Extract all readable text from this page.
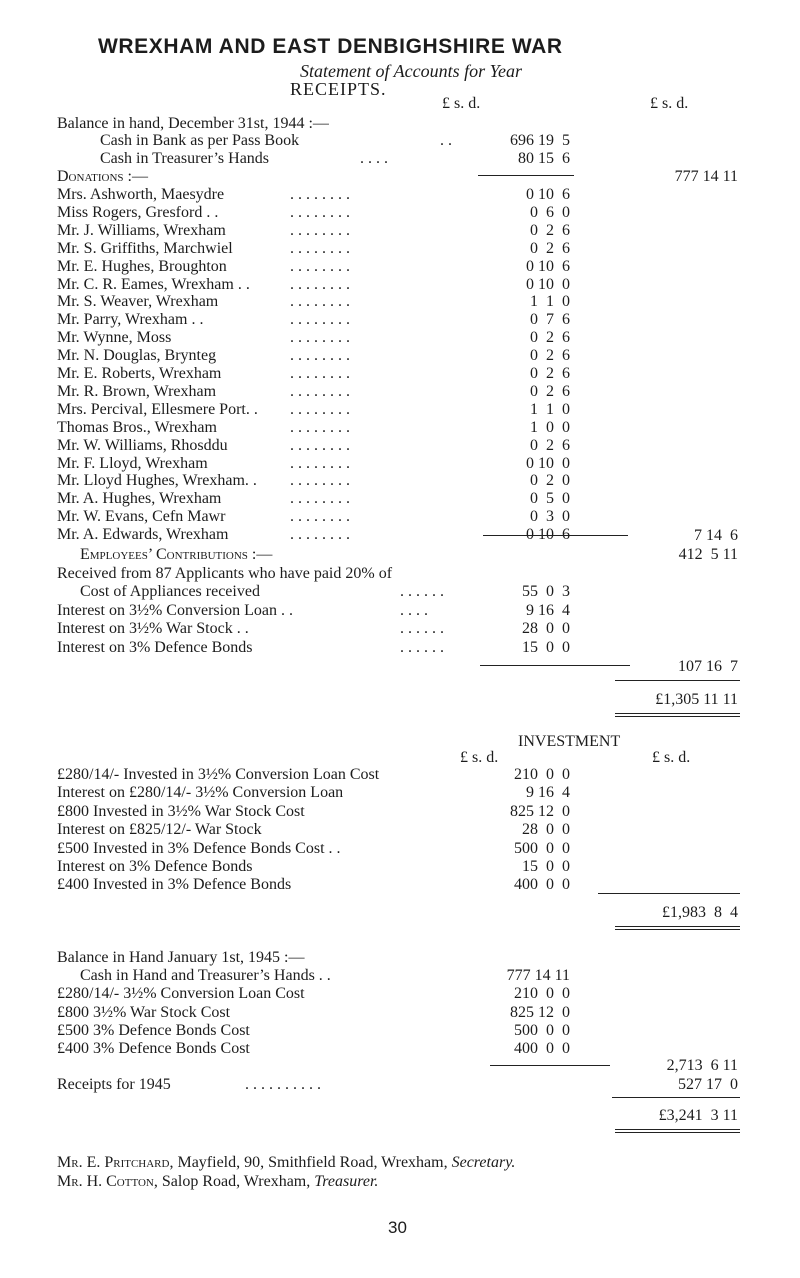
WREXHAM AND EAST DENBIGHSHIRE WAR
Statement of Accounts for Year
RECEIPTS.
£ s. d.	£ s. d.
Balance in hand, December 31st, 1944 :—
Cash in Bank as per Pass Book	. .	696 19  5
Cash in Treasurer’s Hands	. . . .	80 15  6
Donations :—	777 14 11
Mrs. Ashworth, Maesydre	. . . . . . . .	0 10  6
Miss Rogers, Gresford . .	. . . . . . . .	0  6  0
Mr. J. Williams, Wrexham	. . . . . . . .	0  2  6
Mr. S. Griffiths, Marchwiel	. . . . . . . .	0  2  6
Mr. E. Hughes, Broughton	. . . . . . . .	0 10  6
Mr. C. R. Eames, Wrexham . .	. . . . . . . .	0 10  0
Mr. S. Weaver, Wrexham	. . . . . . . .	1  1  0
Mr. Parry, Wrexham . .	. . . . . . . .	0  7  6
Mr. Wynne, Moss	. . . . . . . .	0  2  6
Mr. N. Douglas, Brynteg	. . . . . . . .	0  2  6
Mr. E. Roberts, Wrexham	. . . . . . . .	0  2  6
Mr. R. Brown, Wrexham	. . . . . . . .	0  2  6
Mrs. Percival, Ellesmere Port. . . . . . . . . .	1  1  0
Thomas Bros., Wrexham	. . . . . . . .	1  0  0
Mr. W. Williams, Rhosddu	. . . . . . . .	0  2  6
Mr. F. Lloyd, Wrexham	. . . . . . . .	0 10  0
Mr. Lloyd Hughes, Wrexham. . . . . . . . . .	0  2  0
Mr. A. Hughes, Wrexham	. . . . . . . .	0  5  0
Mr. W. Evans, Cefn Mawr	. . . . . . . .	0  3  0
Mr. A. Edwards, Wrexham	. . . . . . . .	0 10  6	7 14  6
Employees’ Contributions :—	412  5 11
Received from 87 Applicants who have paid 20% of
Cost of Appliances received	. . . . . .	55  0  3
Interest on 3½% Conversion Loan . .	. . . .	9 16  4
Interest on 3½% War Stock . .	. . . . . .	28  0  0
Interest on 3% Defence Bonds	. . . . . .	15  0  0
107 16  7
£1,305 11 11
INVESTMENT
£ s. d.	£ s. d.
£280/14/- Invested in 3½% Conversion Loan Cost	210  0  0
Interest on £280/14/- 3½% Conversion Loan	9 16  4
£800 Invested in 3½% War Stock Cost	825 12  0
Interest on £825/12/- War Stock	28  0  0
£500 Invested in 3% Defence Bonds Cost . .	500  0  0
Interest on 3% Defence Bonds	15  0  0
£400 Invested in 3% Defence Bonds	400  0  0
£1,983  8  4
Balance in Hand January 1st, 1945 :—
Cash in Hand and Treasurer’s Hands . .	777 14 11
£280/14/- 3½% Conversion Loan Cost	210  0  0
£800 3½% War Stock Cost	825 12  0
£500 3% Defence Bonds Cost	500  0  0
£400 3% Defence Bonds Cost	400  0  0
2,713  6 11
Receipts for 1945	. . . . . . . . . .	527 17  0
£3,241  3 11
Mr. E. Pritchard, Mayfield, 90, Smithfield Road, Wrexham, Secretary.
Mr. H. Cotton, Salop Road, Wrexham, Treasurer.
30
